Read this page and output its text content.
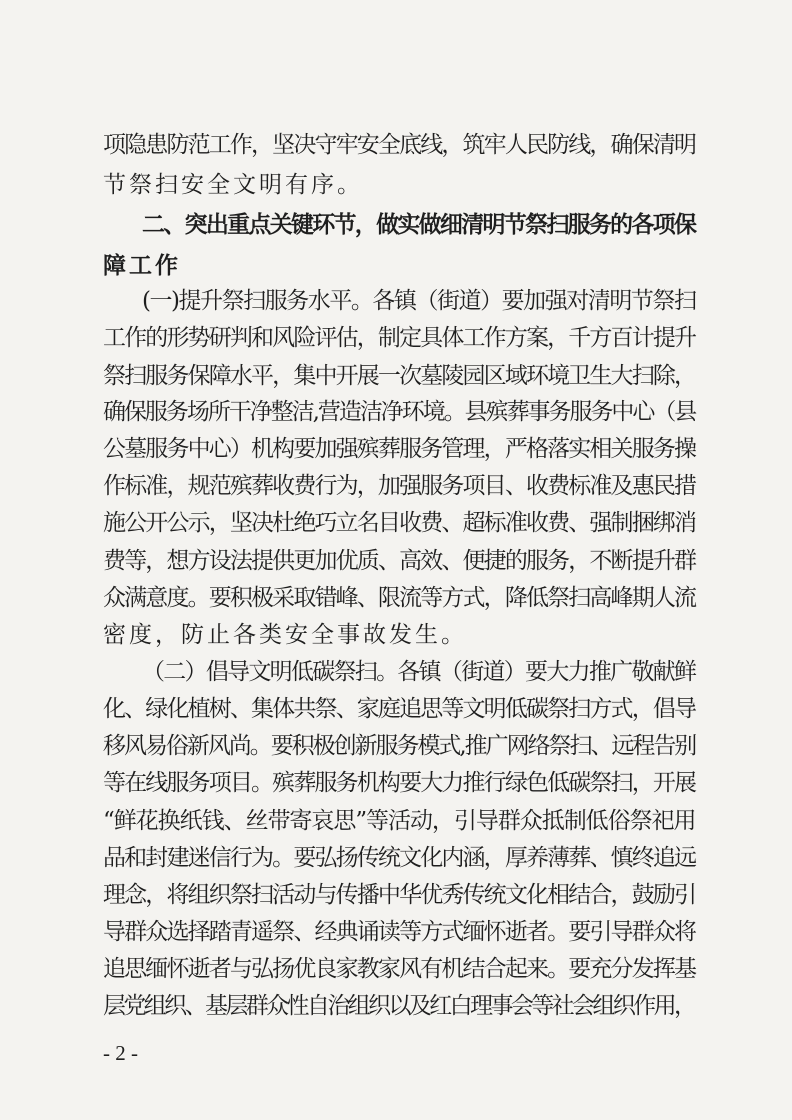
项隐患防范工作，坚决守牢安全底线，筑牢人民防线，确保清明
节祭扫安全文明有序。
二、突出重点关键环节，做实做细清明节祭扫服务的各项保
障工作
(一)提升祭扫服务水平。各镇（街道）要加强对清明节祭扫
工作的形势研判和风险评估，制定具体工作方案，千方百计提升
祭扫服务保障水平，集中开展一次墓陵园区域环境卫生大扫除，
确保服务场所干净整洁,营造洁净环境。县殡葬事务服务中心（县
公墓服务中心）机构要加强殡葬服务管理，严格落实相关服务操
作标准，规范殡葬收费行为，加强服务项目、收费标准及惠民措
施公开公示，坚决杜绝巧立名目收费、超标准收费、强制捆绑消
费等，想方设法提供更加优质、高效、便捷的服务，不断提升群
众满意度。要积极采取错峰、限流等方式，降低祭扫高峰期人流
密度，防止各类安全事故发生。
（二）倡导文明低碳祭扫。各镇（街道）要大力推广敬献鲜
化、绿化植树、集体共祭、家庭追思等文明低碳祭扫方式，倡导
移风易俗新风尚。要积极创新服务模式,推广网络祭扫、远程告别
等在线服务项目。殡葬服务机构要大力推行绿色低碳祭扫，开展
“鲜花换纸钱、丝带寄哀思”等活动，引导群众抵制低俗祭祀用
品和封建迷信行为。要弘扬传统文化内涵，厚养薄葬、慎终追远
理念，将组织祭扫活动与传播中华优秀传统文化相结合，鼓励引
导群众选择踏青遥祭、经典诵读等方式缅怀逝者。要引导群众将
追思缅怀逝者与弘扬优良家教家风有机结合起来。要充分发挥基
层党组织、基层群众性自治组织以及红白理事会等社会组织作用，
- 2 -
